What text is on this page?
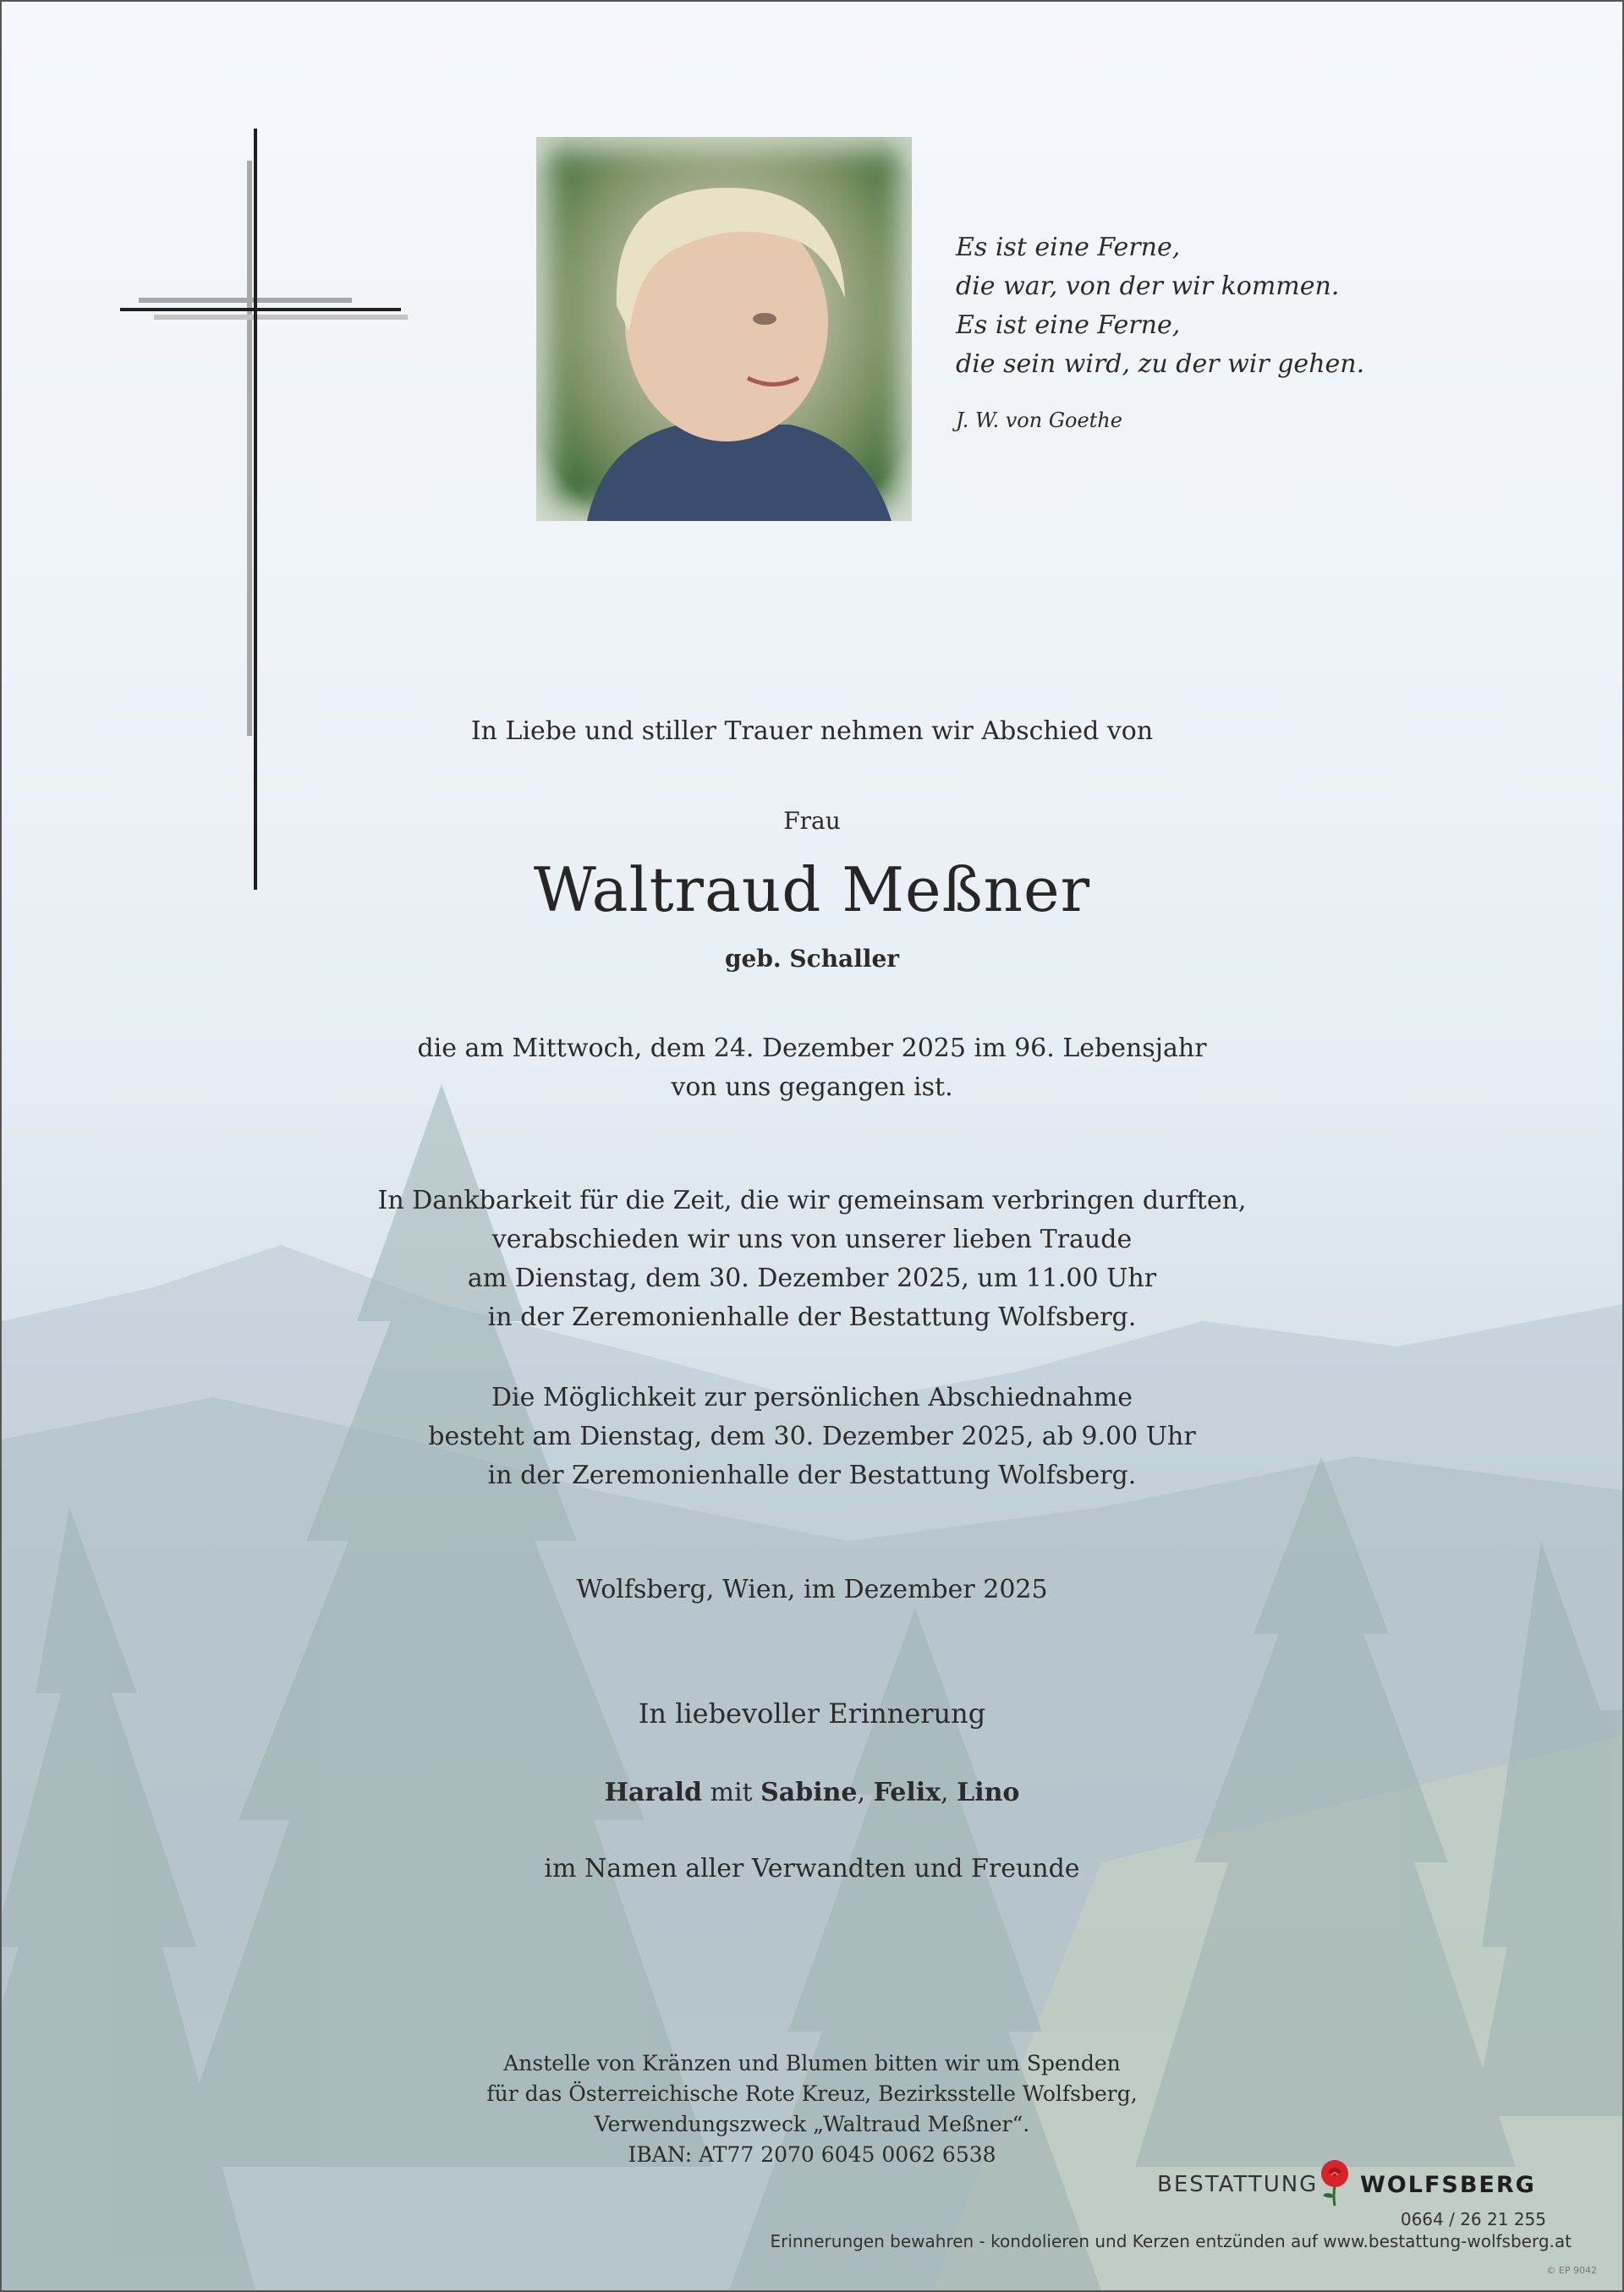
Es ist eine Ferne,
die war, von der wir kommen.
Es ist eine Ferne,
die sein wird, zu der wir gehen.
J. W. von Goethe
In Liebe und stiller Trauer nehmen wir Abschied von
Frau
Waltraud Meßner
geb. Schaller
die am Mittwoch, dem 24. Dezember 2025 im 96. Lebensjahr
von uns gegangen ist.
In Dankbarkeit für die Zeit, die wir gemeinsam verbringen durften,
verabschieden wir uns von unserer lieben Traude
am Dienstag, dem 30. Dezember 2025, um 11.00 Uhr
in der Zeremonienhalle der Bestattung Wolfsberg.
Die Möglichkeit zur persönlichen Abschiednahme
besteht am Dienstag, dem 30. Dezember 2025, ab 9.00 Uhr
in der Zeremonienhalle der Bestattung Wolfsberg.
Wolfsberg, Wien, im Dezember 2025
In liebevoller Erinnerung
Harald mit Sabine, Felix, Lino
im Namen aller Verwandten und Freunde
Anstelle von Kränzen und Blumen bitten wir um Spenden
für das Österreichische Rote Kreuz, Bezirksstelle Wolfsberg,
Verwendungszweck „Waltraud Meßner“.
IBAN: AT77 2070 6045 0062 6538
BESTATTUNG WOLFSBERG
0664 / 26 21 255
Erinnerungen bewahren - kondolieren und Kerzen entzünden auf www.bestattung-wolfsberg.at
© EP 9042
